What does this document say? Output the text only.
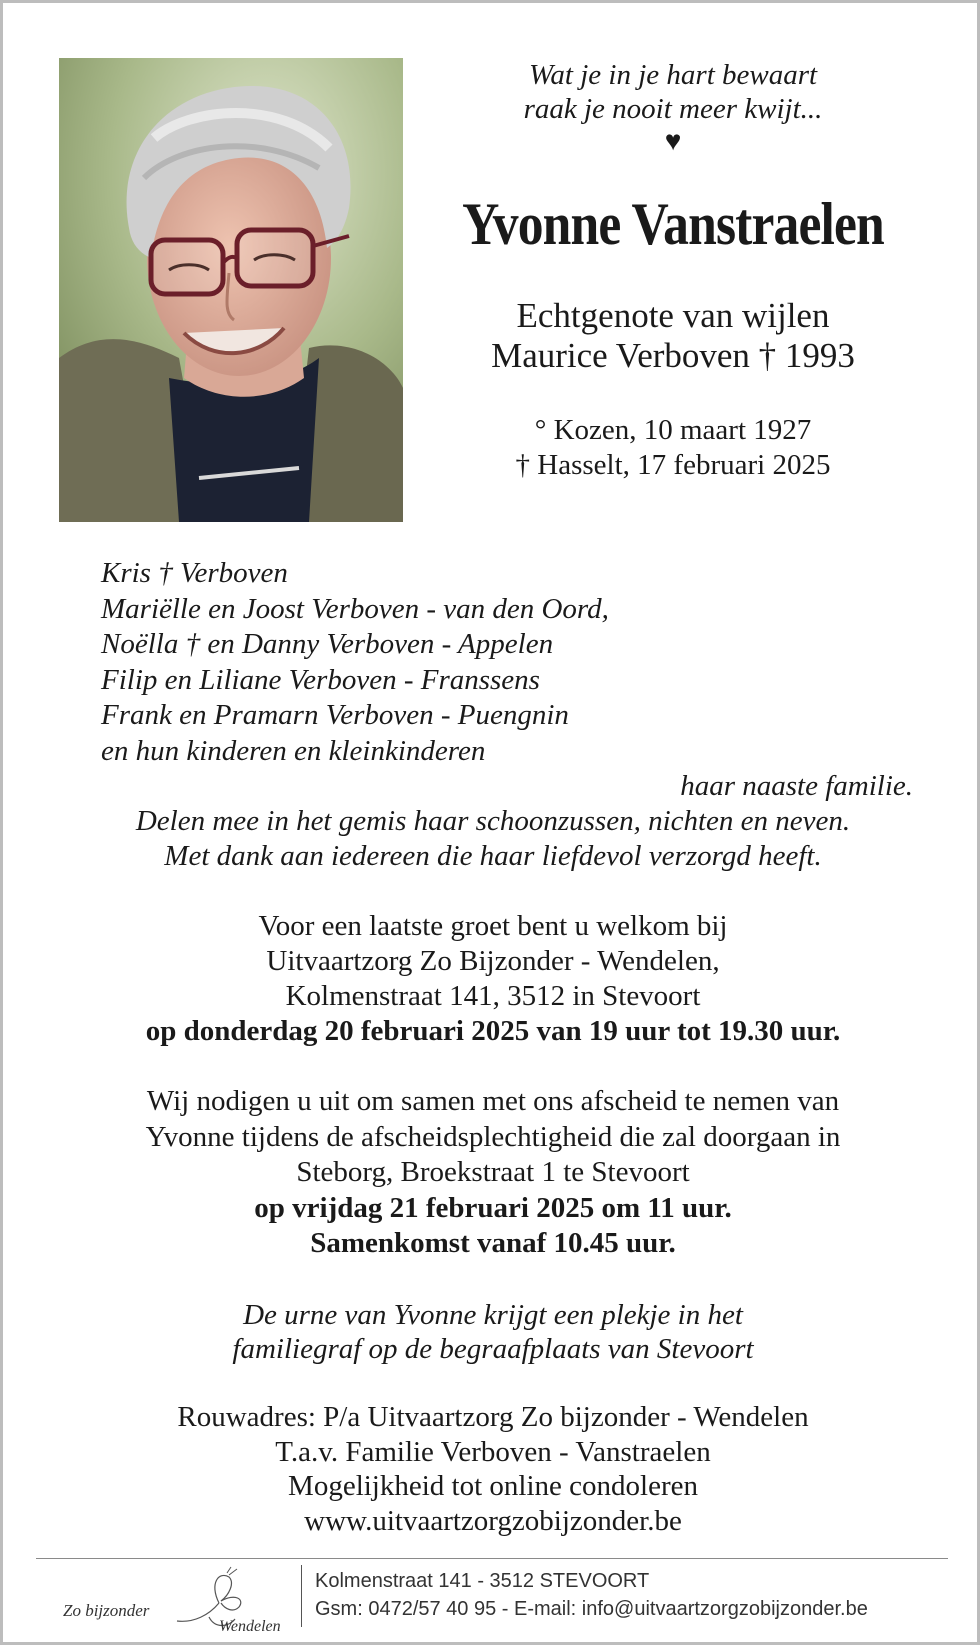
Wat je in je hart bewaart
raak je nooit meer kwijt...
♥
Yvonne Vanstraelen
Echtgenote van wijlen
Maurice Verboven † 1993
° Kozen, 10 maart 1927
† Hasselt, 17 februari 2025
Kris † Verboven
Mariëlle en Joost Verboven - van den Oord,
Noëlla † en Danny Verboven - Appelen
Filip en Liliane Verboven - Franssens
Frank en Pramarn Verboven - Puengnin
en hun kinderen en kleinkinderen
haar naaste familie.
Delen mee in het gemis haar schoonzussen, nichten en neven.
Met dank aan iedereen die haar liefdevol verzorgd heeft.
Voor een laatste groet bent u welkom bij
Uitvaartzorg Zo Bijzonder - Wendelen,
Kolmenstraat 141, 3512 in Stevoort
op donderdag 20 februari 2025 van 19 uur tot 19.30 uur.
Wij nodigen u uit om samen met ons afscheid te nemen van
Yvonne tijdens de afscheidsplechtigheid die zal doorgaan in
Steborg, Broekstraat 1 te Stevoort
op vrijdag 21 februari 2025 om 11 uur.
Samenkomst vanaf 10.45 uur.
De urne van Yvonne krijgt een plekje in het
familiegraf op de begraafplaats van Stevoort
Rouwadres: P/a Uitvaartzorg Zo bijzonder - Wendelen
T.a.v. Familie Verboven - Vanstraelen
Mogelijkheid tot online condoleren
www.uitvaartzorgzobijzonder.be
Zo bijzonder
Wendelen
Kolmenstraat 141 - 3512 STEVOORT
Gsm: 0472/57 40 95 - E-mail: info@uitvaartzorgzobijzonder.be
